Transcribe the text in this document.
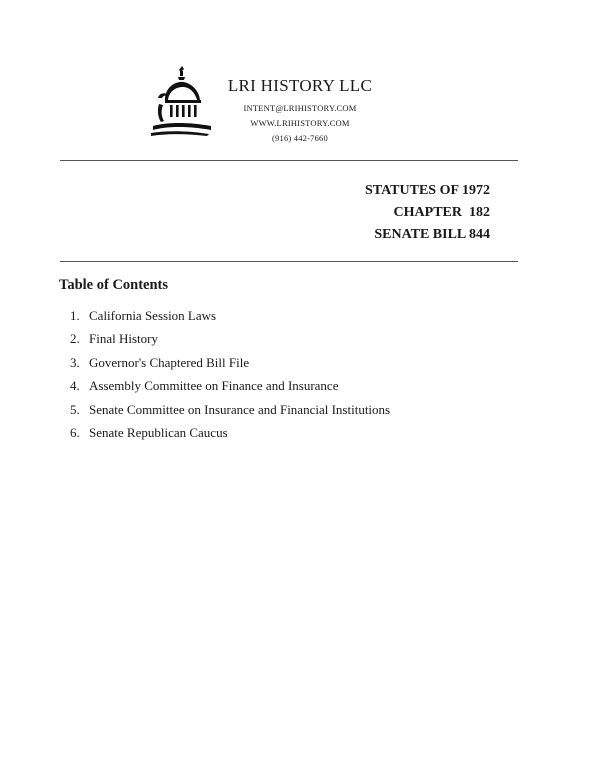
LRI HISTORY LLC
INTENT@LRIHISTORY.COM
WWW.LRIHISTORY.COM
(916) 442-7660
STATUTES OF 1972
CHAPTER  182
SENATE BILL 844
Table of Contents
1. California Session Laws
2. Final History
3. Governor's Chaptered Bill File
4. Assembly Committee on Finance and Insurance
5. Senate Committee on Insurance and Financial Institutions
6. Senate Republican Caucus
